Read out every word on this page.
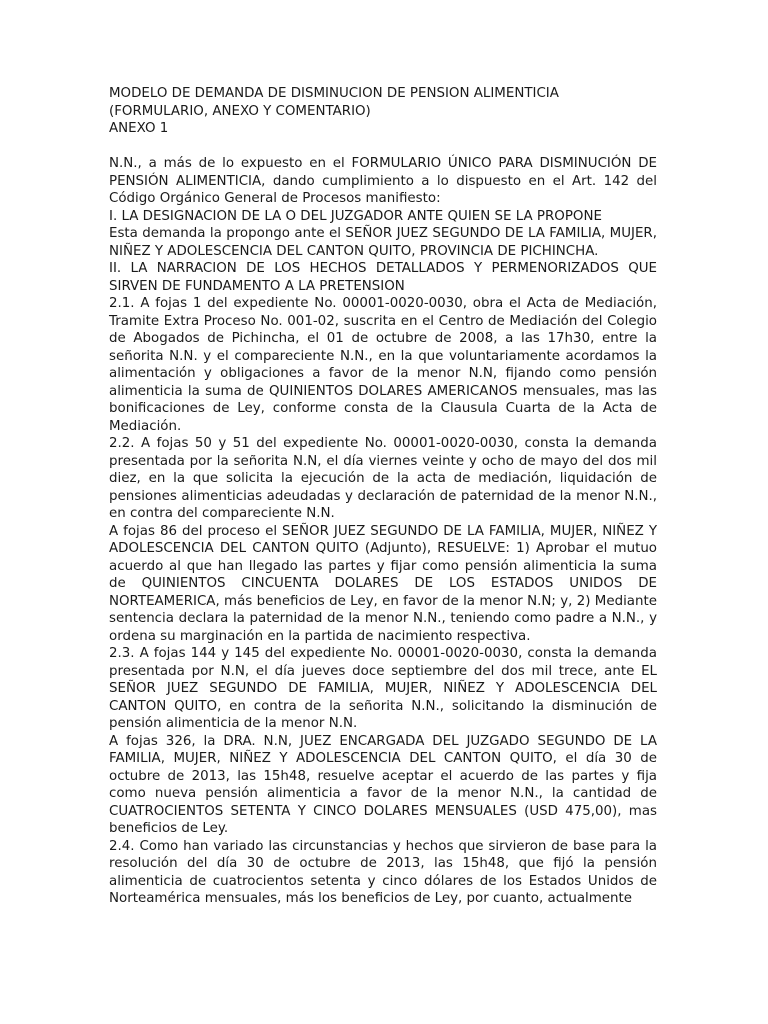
MODELO DE DEMANDA DE DISMINUCION DE PENSION ALIMENTICIA

(FORMULARIO, ANEXO Y COMENTARIO)

ANEXO 1

N.N., a más de lo expuesto en el FORMULARIO ÚNICO PARA DISMINUCIÓN DE PENSIÓN ALIMENTICIA, dando cumplimiento a lo dispuesto en el Art. 142 del Código Orgánico General de Procesos manifiesto:

I. LA DESIGNACION DE LA O DEL JUZGADOR ANTE QUIEN SE LA PROPONE

Esta demanda la propongo ante el SEÑOR JUEZ SEGUNDO DE LA FAMILIA, MUJER, NIÑEZ Y ADOLESCENCIA DEL CANTON QUITO, PROVINCIA DE PICHINCHA.

II. LA NARRACION DE LOS HECHOS DETALLADOS Y PERMENORIZADOS QUE SIRVEN DE FUNDAMENTO A LA PRETENSION

2.1. A fojas 1 del expediente No. 00001-0020-0030, obra el Acta de Mediación, Tramite Extra Proceso No. 001-02, suscrita en el Centro de Mediación del Colegio de Abogados de Pichincha, el 01 de octubre de 2008, a las 17h30, entre la señorita N.N. y el compareciente N.N., en la que voluntariamente acordamos la alimentación y obligaciones a favor de la menor N.N, fijando como pensión alimenticia la suma de QUINIENTOS DOLARES AMERICANOS mensuales, mas las bonificaciones de Ley, conforme consta de la Clausula Cuarta de la Acta de Mediación.

2.2. A fojas 50 y 51 del expediente No. 00001-0020-0030, consta la demanda presentada por la señorita N.N, el día viernes veinte y ocho de mayo del dos mil diez, en la que solicita la ejecución de la acta de mediación, liquidación de pensiones alimenticias adeudadas y declaración de paternidad de la menor N.N., en contra del compareciente N.N.

A fojas 86 del proceso el SEÑOR JUEZ SEGUNDO DE LA FAMILIA, MUJER, NIÑEZ Y ADOLESCENCIA DEL CANTON QUITO (Adjunto), RESUELVE: 1) Aprobar el mutuo acuerdo al que han llegado las partes y fijar como pensión alimenticia la suma de QUINIENTOS CINCUENTA DOLARES DE LOS ESTADOS UNIDOS DE NORTEAMERICA, más beneficios de Ley, en favor de la menor N.N; y, 2) Mediante sentencia declara la paternidad de la menor N.N., teniendo como padre a N.N., y ordena su marginación en la partida de nacimiento respectiva.

2.3. A fojas 144 y 145 del expediente No. 00001-0020-0030, consta la demanda presentada por N.N, el día jueves doce septiembre del dos mil trece, ante EL SEÑOR JUEZ SEGUNDO DE FAMILIA, MUJER, NIÑEZ Y ADOLESCENCIA DEL CANTON QUITO, en contra de la señorita N.N., solicitando la disminución de pensión alimenticia de la menor N.N.

A fojas 326, la DRA. N.N, JUEZ ENCARGADA DEL JUZGADO SEGUNDO DE LA FAMILIA, MUJER, NIÑEZ Y ADOLESCENCIA DEL CANTON QUITO, el día 30 de octubre de 2013, las 15h48, resuelve aceptar el acuerdo de las partes y fija como nueva pensión alimenticia a favor de la menor N.N., la cantidad de CUATROCIENTOS SETENTA Y CINCO DOLARES MENSUALES (USD 475,00), mas beneficios de Ley.

2.4. Como han variado las circunstancias y hechos que sirvieron de base para la resolución del día 30 de octubre de 2013, las 15h48, que fijó la pensión alimenticia de cuatrocientos setenta y cinco dólares de los Estados Unidos de Norteamérica mensuales, más los beneficios de Ley, por cuanto, actualmente
